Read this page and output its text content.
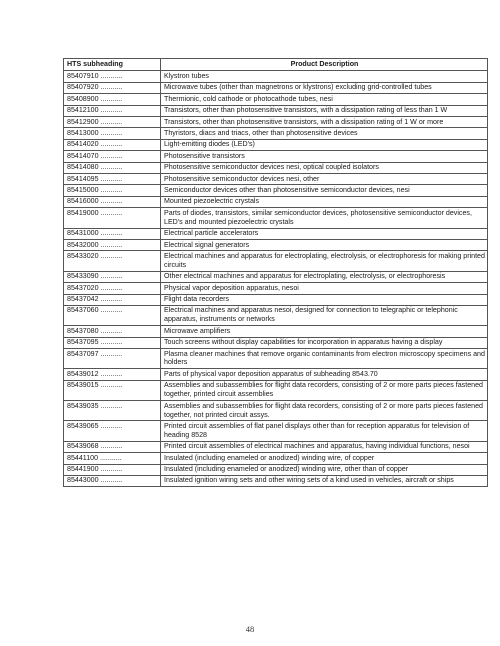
HTS subheading	Product Description
85407910 ...........	Klystron tubes
85407920 ...........	Microwave tubes (other than magnetrons or klystrons) excluding grid-controlled tubes
85408900 ...........	Thermionic, cold cathode or photocathode tubes, nesi
85412100 ...........	Transistors, other than photosensitive transistors, with a dissipation rating of less than 1 W
85412900 ...........	Transistors, other than photosensitive transistors, with a dissipation rating of 1 W or more
85413000 ...........	Thyristors, diacs and triacs, other than photosensitive devices
85414020 ...........	Light-emitting diodes (LED's)
85414070 ...........	Photosensitive transistors
85414080 ...........	Photosensitive semiconductor devices nesi, optical coupled isolators
85414095 ...........	Photosensitive semiconductor devices nesi, other
85415000 ...........	Semiconductor devices other than photosensitive semiconductor devices, nesi
85416000 ...........	Mounted piezoelectric crystals
85419000 ...........	Parts of diodes, transistors, similar semiconductor devices, photosensitive semiconductor devices, LED's and mounted piezoelectric crystals
85431000 ...........	Electrical particle accelerators
85432000 ...........	Electrical signal generators
85433020 ...........	Electrical machines and apparatus for electroplating, electrolysis, or electrophoresis for making printed circuits
85433090 ...........	Other electrical machines and apparatus for electroplating, electrolysis, or electrophoresis
85437020 ...........	Physical vapor deposition apparatus, nesoi
85437042 ...........	Flight data recorders
85437060 ...........	Electrical machines and apparatus nesoi, designed for connection to telegraphic or telephonic apparatus, instruments or networks
85437080 ...........	Microwave amplifiers
85437095 ...........	Touch screens without display capabilities for incorporation in apparatus having a display
85437097 ...........	Plasma cleaner machines that remove organic contaminants from electron microscopy specimens and holders
85439012 ...........	Parts of physical vapor deposition apparatus of subheading 8543.70
85439015 ...........	Assemblies and subassemblies for flight data recorders, consisting of 2 or more parts pieces fastened together, printed circuit assemblies
85439035 ...........	Assemblies and subassemblies for flight data recorders, consisting of 2 or more parts pieces fastened together, not printed circuit assys.
85439065 ...........	Printed circuit assemblies of flat panel displays other than for reception apparatus for television of heading 8528
85439068 ...........	Printed circuit assemblies of electrical machines and apparatus, having individual functions, nesoi
85441100 ...........	Insulated (including enameled or anodized) winding wire, of copper
85441900 ...........	Insulated (including enameled or anodized) winding wire, other than of copper
85443000 ...........	Insulated ignition wiring sets and other wiring sets of a kind used in vehicles, aircraft or ships
48
